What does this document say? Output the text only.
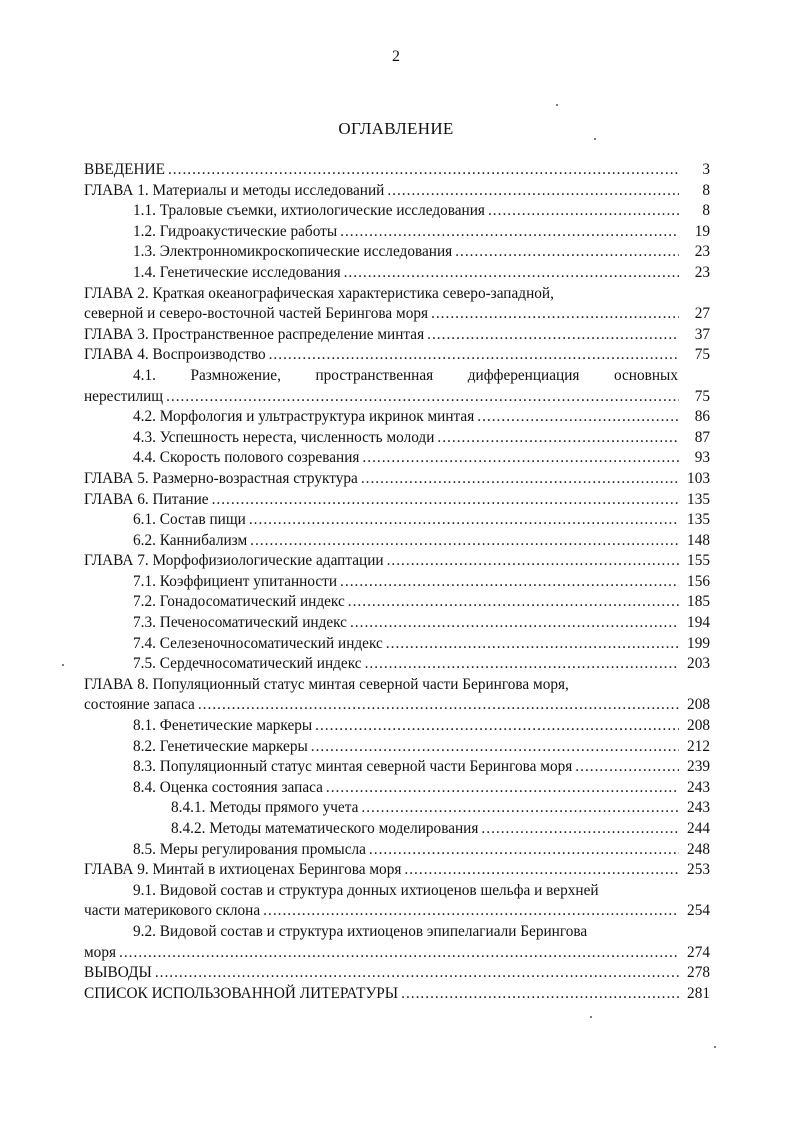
2
ОГЛАВЛЕНИЕ
ВВЕДЕНИЕ .....	3
ГЛАВА 1. Материалы и методы исследований .....	8
1.1. Траловые съемки, ихтиологические исследования .....	8
1.2. Гидроакустические работы .....	19
1.3. Электронномикроскопические исследования .....	23
1.4. Генетические исследования .....	23
ГЛАВА 2. Краткая океанографическая характеристика северо-западной,
северной и северо-восточной частей Берингова моря .....	27
ГЛАВА 3. Пространственное распределение минтая .....	37
ГЛАВА 4. Воспроизводство .....	75
4.1. Размножение, пространственная дифференциация основных
нерестилищ .....	75
4.2. Морфология и ультраструктура икринок минтая .....	86
4.3. Успешность нереста, численность молоди .....	87
4.4. Скорость полового созревания .....	93
ГЛАВА 5. Размерно-возрастная структура .....	103
ГЛАВА 6. Питание .....	135
6.1. Состав пищи .....	135
6.2. Каннибализм .....	148
ГЛАВА 7. Морфофизиологические адаптации .....	155
7.1. Коэффициент упитанности .....	156
7.2. Гонадосоматический индекс .....	185
7.3. Печеносоматический индекс .....	194
7.4. Селезеночносоматический индекс .....	199
7.5. Сердечносоматический индекс .....	203
ГЛАВА 8. Популяционный статус минтая северной части Берингова моря,
состояние запаса .....	208
8.1. Фенетические маркеры .....	208
8.2. Генетические маркеры .....	212
8.3. Популяционный статус минтая северной части Берингова моря .....	239
8.4. Оценка состояния запаса .....	243
8.4.1. Методы прямого учета .....	243
8.4.2. Методы математического моделирования .....	244
8.5. Меры регулирования промысла .....	248
ГЛАВА 9. Минтай в ихтиоценах Берингова моря .....	253
9.1. Видовой состав и структура донных ихтиоценов шельфа и верхней
части материкового склона .....	254
9.2. Видовой состав и структура ихтиоценов эпипелагиали Берингова
моря .....	274
ВЫВОДЫ .....	278
СПИСОК ИСПОЛЬЗОВАННОЙ ЛИТЕРАТУРЫ .....	281
